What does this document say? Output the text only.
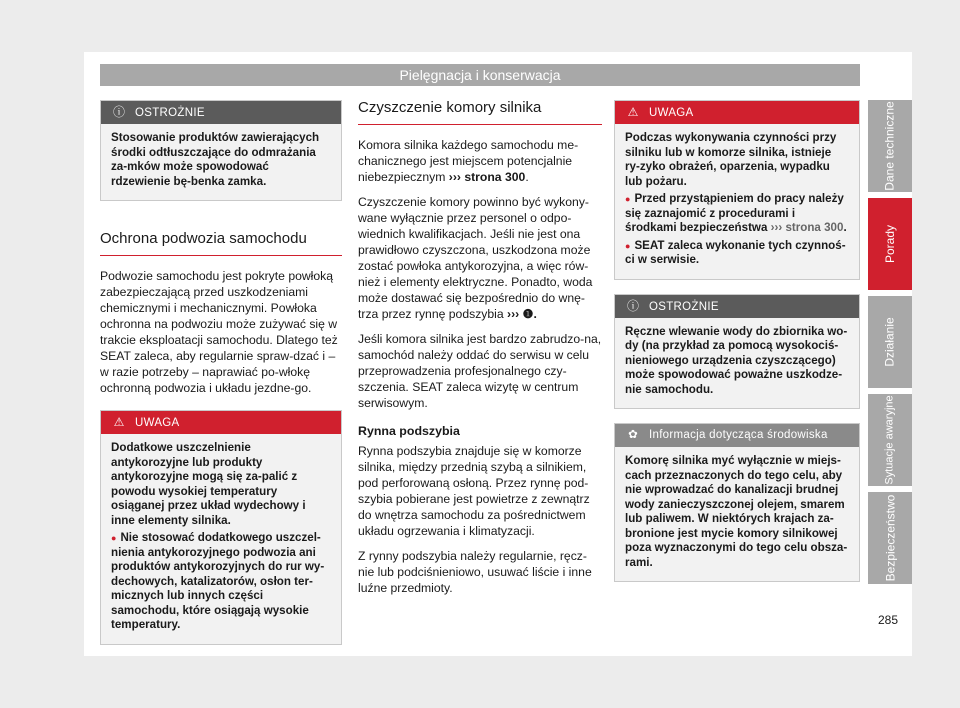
Pielęgnacja i konserwacja
ⓘ OSTROŻNIE

Stosowanie produktów zawierających środki odtłuszczające do odmrażania za-mków może spowodować rdzewienie bę-benka zamka.

Ochrona podwozia samochodu

Podwozie samochodu jest pokryte powłoką zabezpieczającą przed uszkodzeniami chemicznymi i mechanicznymi. Powłoka ochronna na podwoziu może zużywać się w trakcie eksploatacji samochodu. Dlatego też SEAT zaleca, aby regularnie spraw-dzać i – w razie potrzeby – naprawiać po-włokę ochronną podwozia i układu jezdne-go.

⚠ UWAGA

Dodatkowe uszczelnienie antykorozyjne lub produkty antykorozyjne mogą się za-palić z powodu wysokiej temperatury osiąganej przez układ wydechowy i inne elementy silnika.

● Nie stosować dodatkowego uszczel-nienia antykorozyjnego podwozia ani produktów antykorozyjnych do rur wy-dechowych, katalizatorów, osłon ter-micznych lub innych części samochodu, które osiągają wysokie temperatury.

Czyszczenie komory silnika

Komora silnika każdego samochodu me-chanicznego jest miejscem potencjalnie niebezpiecznym ››› strona 300.

Czyszczenie komory powinno być wykony-wane wyłącznie przez personel o odpo-wiednich kwalifikacjach. Jeśli nie jest ona prawidłowo czyszczona, uszkodzona może zostać powłoka antykorozyjna, a więc rów-nież i elementy elektryczne. Ponadto, woda może dostawać się bezpośrednio do wnę-trza przez rynnę podszybia ››› ❶.

Jeśli komora silnika jest bardzo zabrudzo-na, samochód należy oddać do serwisu w celu przeprowadzenia profesjonalnego czy-szczenia. SEAT zaleca wizytę w centrum serwisowym.

Rynna podszybia

Rynna podszybia znajduje się w komorze silnika, między przednią szybą a silnikiem, pod perforowaną osłoną. Przez rynnę pod-szybia pobierane jest powietrze z zewnątrz do wnętrza samochodu za pośrednictwem układu ogrzewania i klimatyzacji.

Z rynny podszybia należy regularnie, ręcz-nie lub podciśnieniowo, usuwać liście i inne luźne przedmioty.

⚠ UWAGA

Podczas wykonywania czynności przy silniku lub w komorze silnika, istnieje ry-zyko obrażeń, oparzenia, wypadku lub pożaru.

● Przed przystąpieniem do pracy należy się zaznajomić z procedurami i środkami bezpieczeństwa ››› strona 300.

● SEAT zaleca wykonanie tych czynnoś-ci w serwisie.

ⓘ OSTROŻNIE

Ręczne wlewanie wody do zbiornika wo-dy (na przykład za pomocą wysokociś-nieniowego urządzenia czyszczącego) może spowodować poważne uszkodze-nie samochodu.

✿ Informacja dotycząca środowiska

Komorę silnika myć wyłącznie w miejs-cach przeznaczonych do tego celu, aby nie wprowadzać do kanalizacji brudnej wody zanieczyszczonej olejem, smarem lub paliwem. W niektórych krajach za-bronione jest mycie komory silnikowej poza wyznaczonymi do tego celu obsza-rami.

Dane techniczne
Porady
Działanie
Sytuacje awaryjne
Bezpieczeństwo
285
